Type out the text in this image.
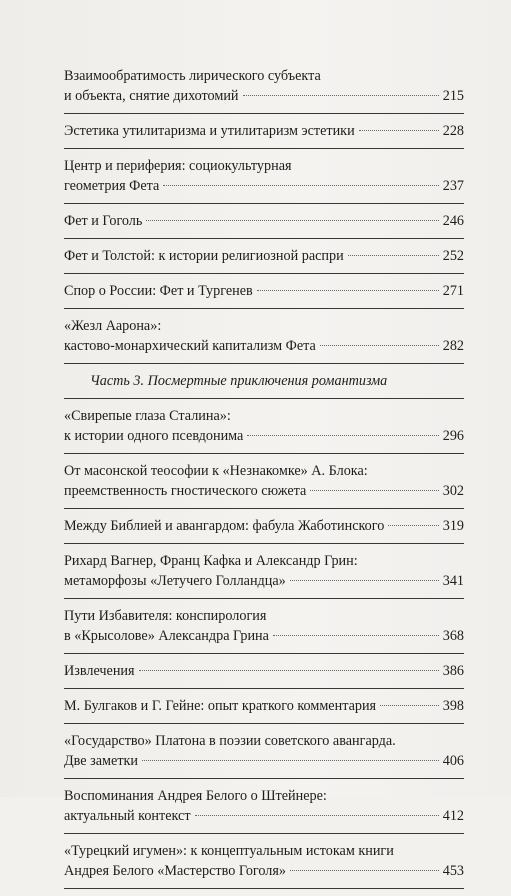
Взаимообратимость лирического субъекта
и объекта, снятие дихотомий	215
Эстетика утилитаризма и утилитаризм эстетики	228
Центр и периферия: социокультурная
геометрия Фета	237
Фет и Гоголь	246
Фет и Толстой: к истории религиозной распри	252
Спор о России: Фет и Тургенев	271
«Жезл Аарона»:
кастово-монархический капитализм Фета	282
Часть 3. Посмертные приключения романтизма
«Свирепые глаза Сталина»:
к истории одного псевдонима	296
От масонской теософии к «Незнакомке» А. Блока:
преемственность гностического сюжета	302
Между Библией и авангардом: фабула Жаботинского	319
Рихард Вагнер, Франц Кафка и Александр Грин:
метаморфозы «Летучего Голландца»	341
Пути Избавителя: конспирология
в «Крысолове» Александра Грина	368
Извлечения	386
М. Булгаков и Г. Гейне: опыт краткого комментария	398
«Государство» Платона в поэзии советского авангарда.
Две заметки	406
Воспоминания Андрея Белого о Штейнере:
актуальный контекст	412
«Турецкий игумен»: к концептуальным истокам книги
Андрея Белого «Мастерство Гоголя»	453
